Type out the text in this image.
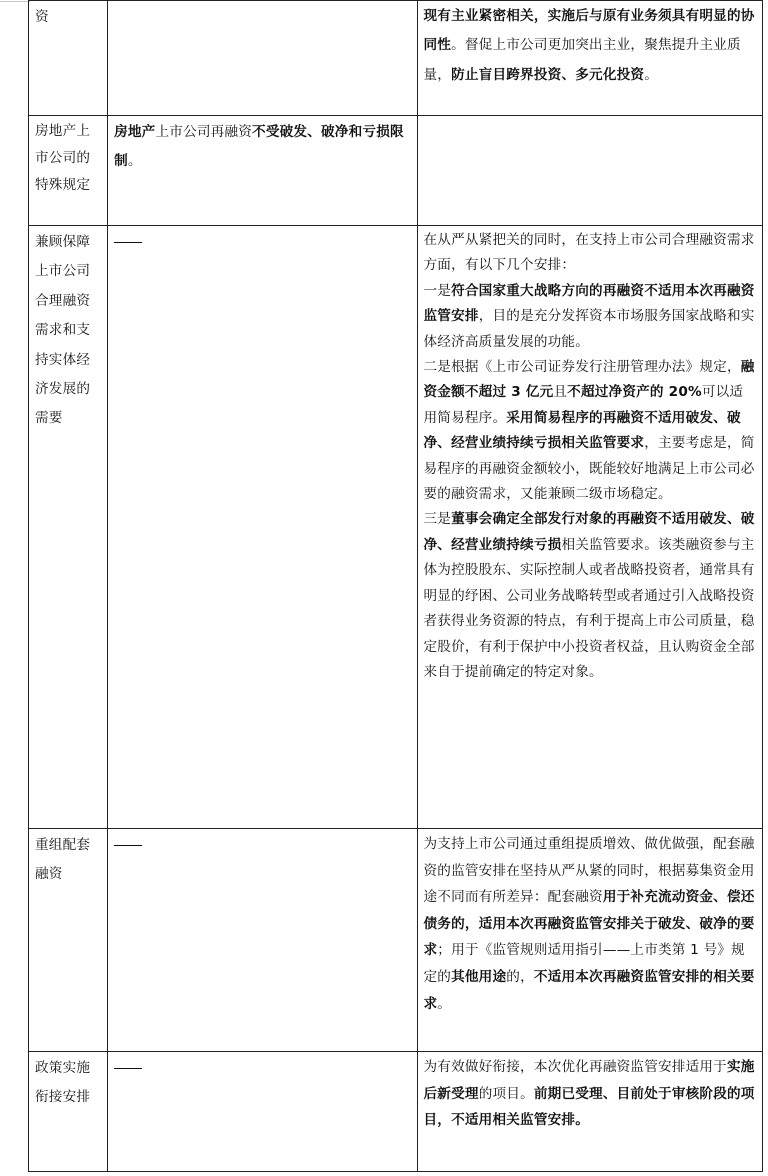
资		现有主业紧密相关，实施后与原有业务须具有明显的协同性。督促上市公司更加突出主业，聚焦提升主业质量，防止盲目跨界投资、多元化投资。
房地产上市公司的特殊规定	房地产上市公司再融资不受破发、破净和亏损限制。	
兼顾保障上市公司合理融资需求和支持实体经济发展的需要		在从严从紧把关的同时，在支持上市公司合理融资需求方面，有以下几个安排：
一是符合国家重大战略方向的再融资不适用本次再融资监管安排，目的是充分发挥资本市场服务国家战略和实体经济高质量发展的功能。
二是根据《上市公司证券发行注册管理办法》规定，融资金额不超过 3 亿元且不超过净资产的 20%可以适用简易程序。采用简易程序的再融资不适用破发、破净、经营业绩持续亏损相关监管要求，主要考虑是，简易程序的再融资金额较小，既能较好地满足上市公司必要的融资需求，又能兼顾二级市场稳定。
三是董事会确定全部发行对象的再融资不适用破发、破净、经营业绩持续亏损相关监管要求。该类融资参与主体为控股股东、实际控制人或者战略投资者，通常具有明显的纾困、公司业务战略转型或者通过引入战略投资者获得业务资源的特点，有利于提高上市公司质量，稳定股价，有利于保护中小投资者权益，且认购资金全部来自于提前确定的特定对象。

重组配套融资		为支持上市公司通过重组提质增效、做优做强，配套融资的监管安排在坚持从严从紧的同时，根据募集资金用途不同而有所差异：配套融资用于补充流动资金、偿还债务的，适用本次再融资监管安排关于破发、破净的要求；用于《监管规则适用指引——上市类第 1 号》规定的其他用途的，不适用本次再融资监管安排的相关要求。
政策实施衔接安排		为有效做好衔接，本次优化再融资监管安排适用于实施后新受理的项目。前期已受理、目前处于审核阶段的项目，不适用相关监管安排。
